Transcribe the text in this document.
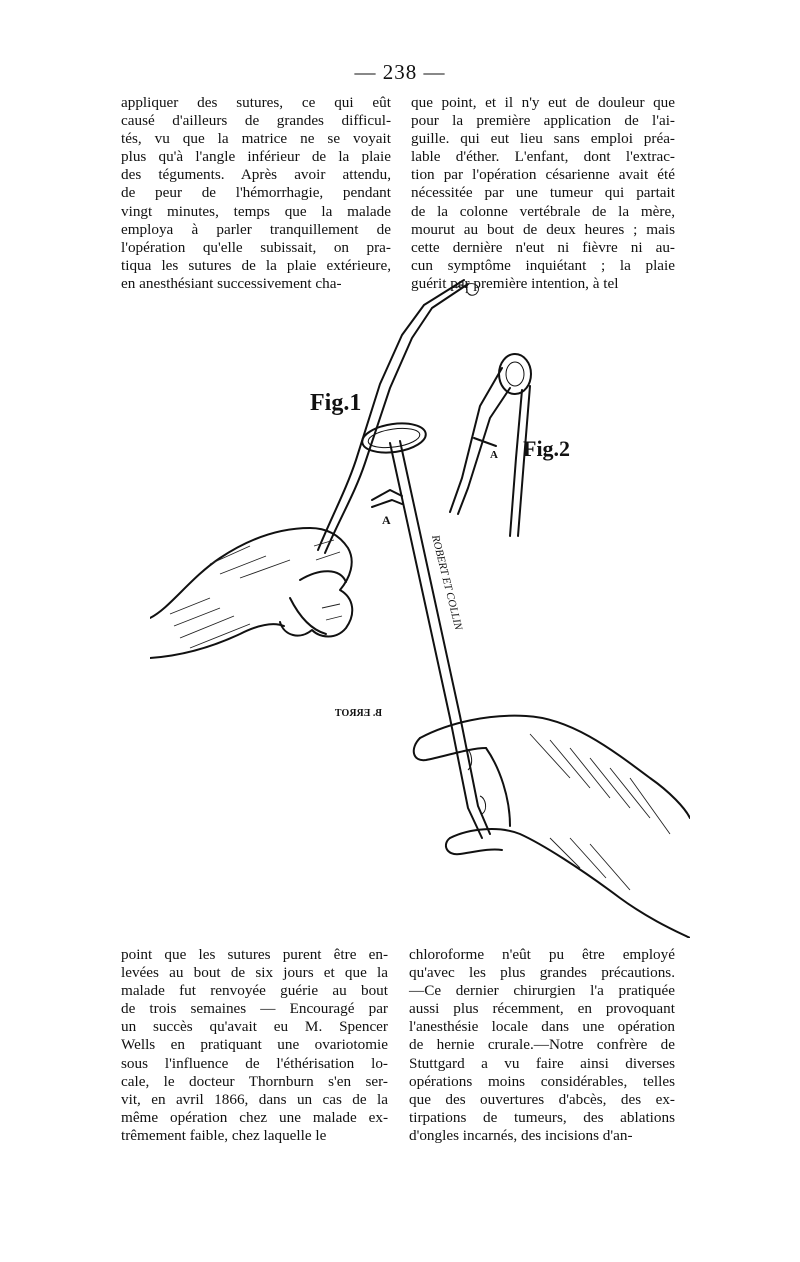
— 238 —
appliquer des sutures, ce qui eût
causé d'ailleurs de grandes difficul-
tés, vu que la matrice ne se voyait
plus qu'à l'angle inférieur de la plaie
des téguments. Après avoir attendu,
de peur de l'hémorrhagie, pendant
vingt minutes, temps que la malade
employa à parler tranquillement de
l'opération qu'elle subissait, on pra-
tiqua les sutures de la plaie extérieure,
en anesthésiant successivement cha-
que point, et il n'y eut de douleur que
pour la première application de l'ai-
guille. qui eut lieu sans emploi préa-
lable d'éther. L'enfant, dont l'extrac-
tion par l'opération césarienne avait été
nécessitée par une tumeur qui partait
de la colonne vertébrale de la mère,
mourut au bout de deux heures ; mais
cette dernière n'eut ni fièvre ni au-
cun symptôme inquiétant ; la plaie
guérit par première intention, à tel
Fig.1
Fig.2
A
ROBERT ET COLLIN
A
B. ERROT
point que les sutures purent être en-
levées au bout de six jours et que la
malade fut renvoyée guérie au bout
de trois semaines — Encouragé par
un succès qu'avait eu M. Spencer
Wells en pratiquant une ovariotomie
sous l'influence de l'éthérisation lo-
cale, le docteur Thornburn s'en ser-
vit, en avril 1866, dans un cas de la
même opération chez une malade ex-
trêmement faible, chez laquelle le
chloroforme n'eût pu être employé
qu'avec les plus grandes précautions.
—Ce dernier chirurgien l'a pratiquée
aussi plus récemment, en provoquant
l'anesthésie locale dans une opération
de hernie crurale.—Notre confrère de
Stuttgard a vu faire ainsi diverses
opérations moins considérables, telles
que des ouvertures d'abcès, des ex-
tirpations de tumeurs, des ablations
d'ongles incarnés, des incisions d'an-
